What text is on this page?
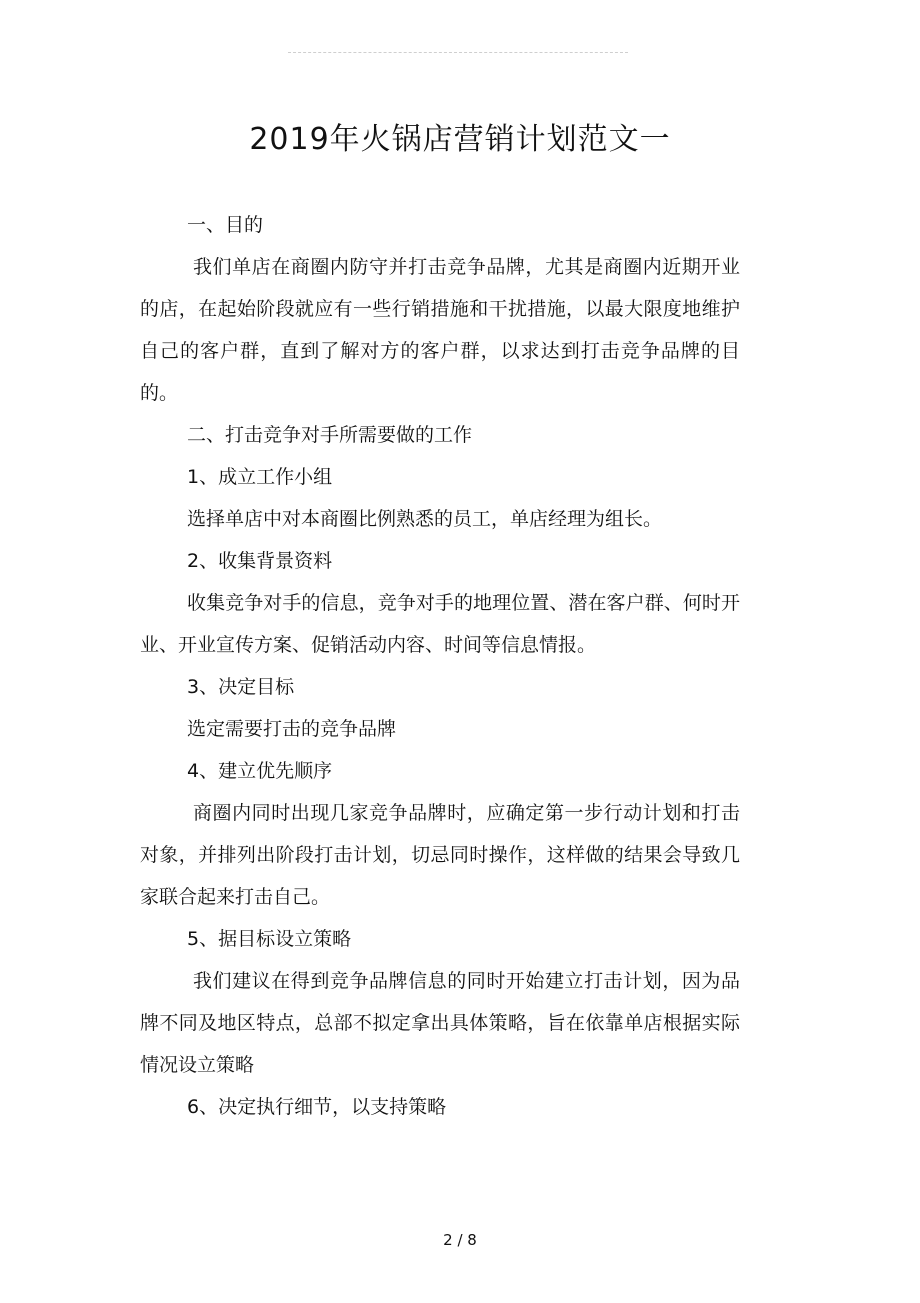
2019年火锅店营销计划范文一

一、目的

我们单店在商圈内防守并打击竞争品牌，尤其是商圈内近期开业的店，在起始阶段就应有一些行销措施和干扰措施，以最大限度地维护自己的客户群，直到了解对方的客户群，以求达到打击竞争品牌的目的。

二、打击竞争对手所需要做的工作

1、成立工作小组

选择单店中对本商圈比例熟悉的员工，单店经理为组长。

2、收集背景资料

收集竞争对手的信息，竞争对手的地理位置、潜在客户群、何时开业、开业宣传方案、促销活动内容、时间等信息情报。

3、决定目标

选定需要打击的竞争品牌

4、建立优先顺序

商圈内同时出现几家竞争品牌时，应确定第一步行动计划和打击对象，并排列出阶段打击计划，切忌同时操作，这样做的结果会导致几家联合起来打击自己。

5、据目标设立策略

我们建议在得到竞争品牌信息的同时开始建立打击计划，因为品牌不同及地区特点，总部不拟定拿出具体策略，旨在依靠单店根据实际情况设立策略

6、决定执行细节，以支持策略

2 / 8
